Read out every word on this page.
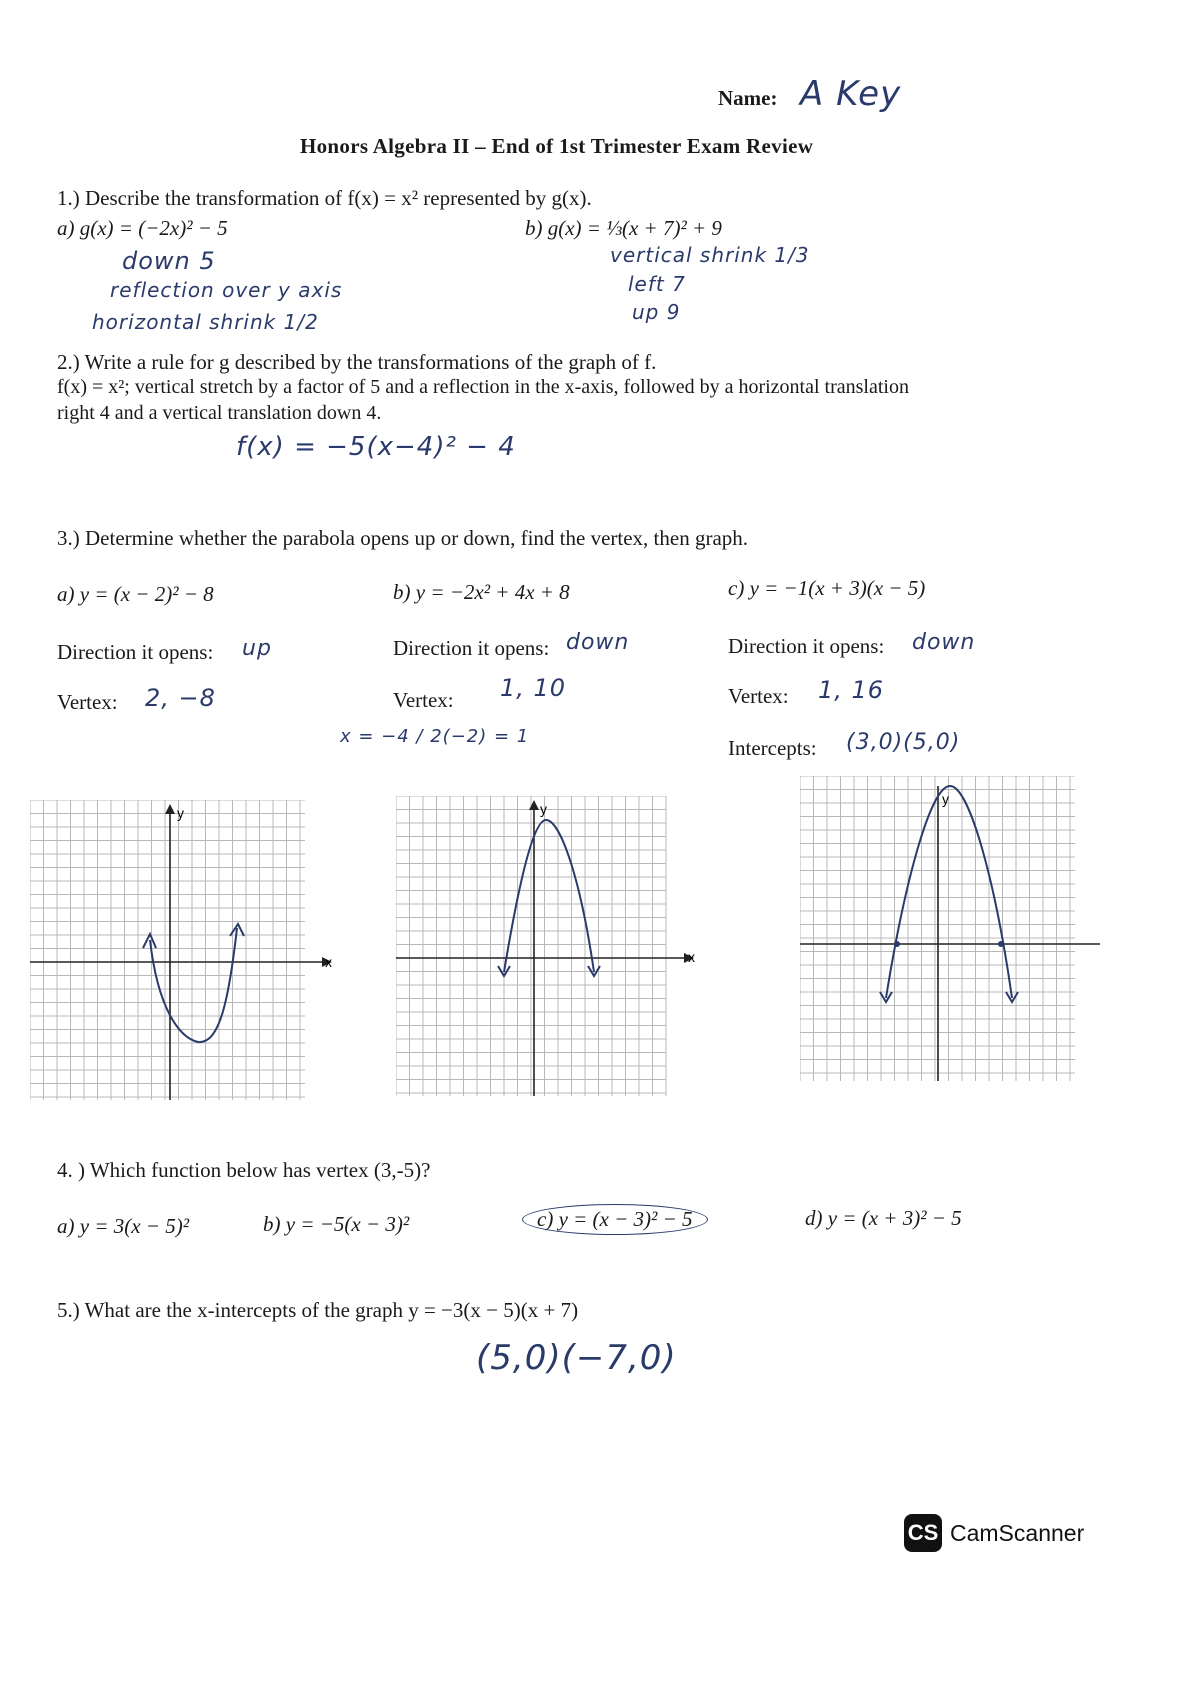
Name: A Key
Honors Algebra II – End of 1st Trimester Exam Review
1.) Describe the transformation of f(x) = x² represented by g(x).
a) g(x) = (−2x)² − 5
down 5
reflection over y axis
horizontal shrink 1/2
b) g(x) = ⅓(x + 7)² + 9
vertical shrink 1/3
left 7
up 9
2.) Write a rule for g described by the transformations of the graph of f.
f(x) = x²; vertical stretch by a factor of 5 and a reflection in the x-axis, followed by a horizontal translation
right 4 and a vertical translation down 4.
f(x) = −5(x−4)² − 4
3.) Determine whether the parabola opens up or down, find the vertex, then graph.
a) y = (x − 2)² − 8
Direction it opens: up
Vertex: 2, −8
b) y = −2x² + 4x + 8
Direction it opens: down
Vertex: 1, 10
x = −4 / 2(−2) = 1
c) y = −1(x + 3)(x − 5)
Direction it opens: down
Vertex: 1, 16
Intercepts: (3,0)(5,0)
x
y
x
y
y
4. ) Which function below has vertex (3,-5)?
a) y = 3(x − 5)²	b) y = −5(x − 3)²	c) y = (x − 3)² − 5	d) y = (x + 3)² − 5
5.) What are the x-intercepts of the graph y = −3(x − 5)(x + 7)
(5,0)(−7,0)
CS CamScanner
